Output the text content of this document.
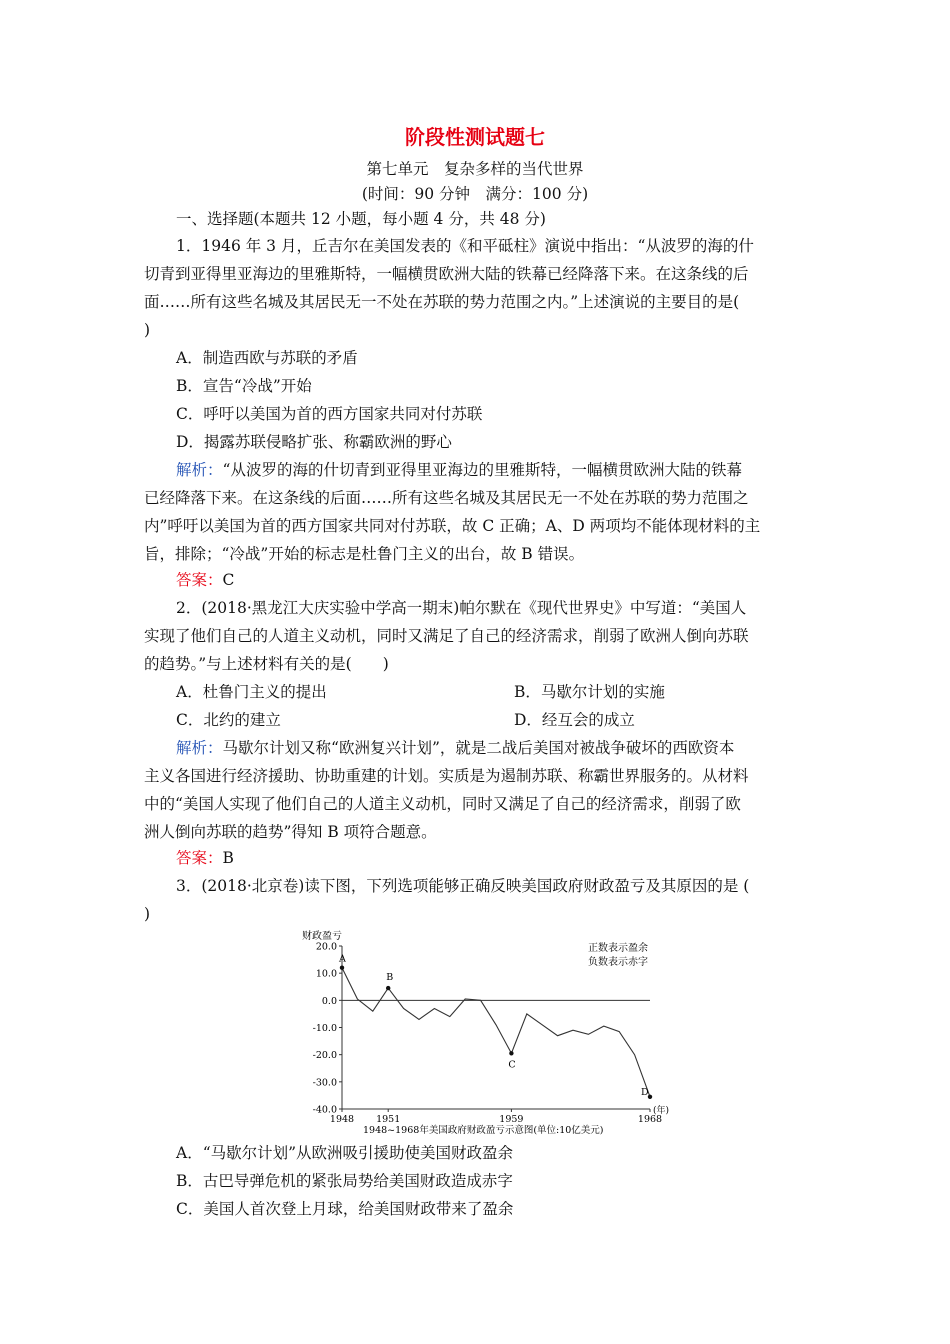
阶段性测试题七
第七单元　复杂多样的当代世界
(时间：90 分钟　满分：100 分)
一、选择题(本题共 12 小题，每小题 4 分，共 48 分)
1．1946 年 3 月，丘吉尔在美国发表的《和平砥柱》演说中指出：“从波罗的海的什
切青到亚得里亚海边的里雅斯特，一幅横贯欧洲大陆的铁幕已经降落下来。在这条线的后
面……所有这些名城及其居民无一不处在苏联的势力范围之内。”上述演说的主要目的是(
)
A．制造西欧与苏联的矛盾
B．宣告“冷战”开始
C．呼吁以美国为首的西方国家共同对付苏联
D．揭露苏联侵略扩张、称霸欧洲的野心
解析：“从波罗的海的什切青到亚得里亚海边的里雅斯特，一幅横贯欧洲大陆的铁幕
已经降落下来。在这条线的后面……所有这些名城及其居民无一不处在苏联的势力范围之
内”呼吁以美国为首的西方国家共同对付苏联，故 C 正确；A、D 两项均不能体现材料的主
旨，排除；“冷战”开始的标志是杜鲁门主义的出台，故 B 错误。
答案：C
2．(2018·黑龙江大庆实验中学高一期末)帕尔默在《现代世界史》中写道：“美国人
实现了他们自己的人道主义动机，同时又满足了自己的经济需求，削弱了欧洲人倒向苏联
的趋势。”与上述材料有关的是(　　)
A．杜鲁门主义的提出	B．马歇尔计划的实施
C．北约的建立	D．经互会的成立
解析：马歇尔计划又称“欧洲复兴计划”，就是二战后美国对被战争破坏的西欧资本
主义各国进行经济援助、协助重建的计划。实质是为遏制苏联、称霸世界服务的。从材料
中的“美国人实现了他们自己的人道主义动机，同时又满足了自己的经济需求，削弱了欧
洲人倒向苏联的趋势”得知 B 项符合题意。
答案：B
3．(2018·北京卷)读下图，下列选项能够正确反映美国政府财政盈亏及其原因的是 (
)
财政盈亏
正数表示盈余
负数表示赤字
20.0
10.0
0.0
-10.0
-20.0
-30.0
-40.0
1948 1951	1959	1968
A
B
C
D
(年)
1948~1968年美国政府财政盈亏示意图(单位:10亿美元)
A．“马歇尔计划”从欧洲吸引援助使美国财政盈余
B．古巴导弹危机的紧张局势给美国财政造成赤字
C．美国人首次登上月球，给美国财政带来了盈余
